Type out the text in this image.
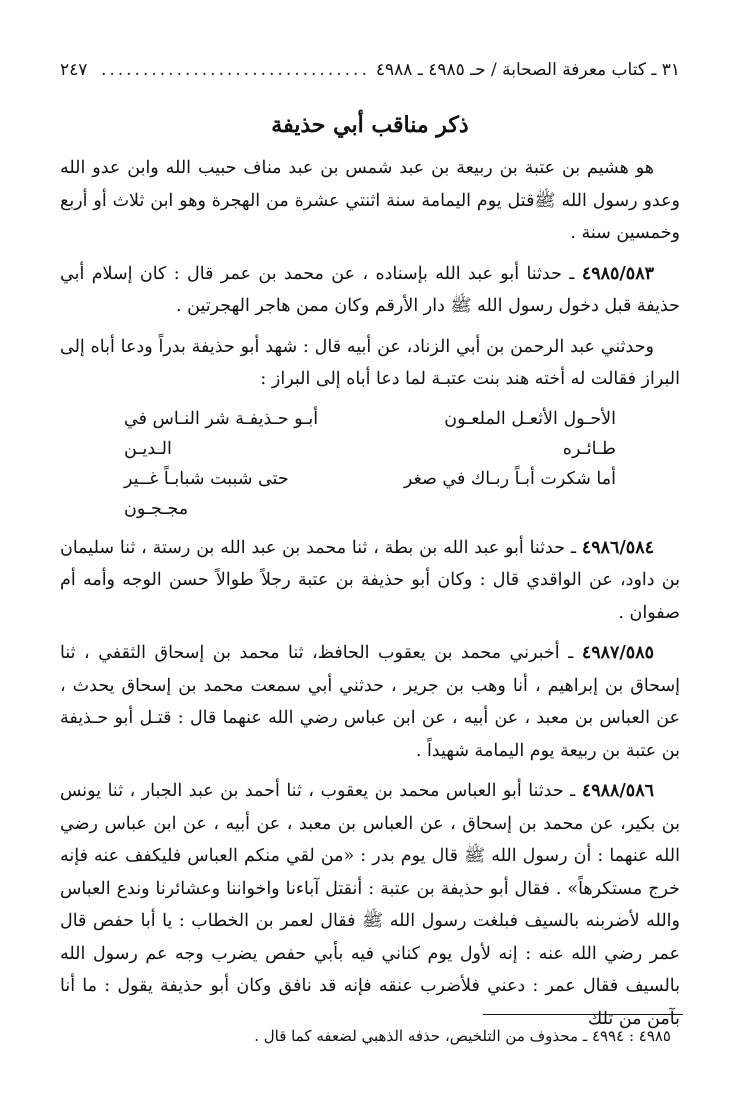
٣١ ـ كتاب معرفة الصحابة / حـ ٤٩٨٥ ـ ٤٩٨٨
................................
٢٤٧
ذكر مناقب أبي حذيفة

هو هشيم بن عتبة بن ربيعة بن عبد شمس بن عبد مناف حبيب الله وابن عدو الله وعدو رسول الله ﷺقتل يوم اليمامة سنة اثنتي عشرة من الهجرة وهو ابن ثلاث أو أربع وخمسين سنة .

٤٩٨٥/٥٨٣ ـ حدثنا أبو عبد الله بإسناده ، عن محمد بن عمر قال : كان إسلام أبي حذيفة قبل دخول رسول الله ﷺ دار الأرقم وكان ممن هاجر الهجرتين .

وحدثني عبد الرحمن بن أبي الزناد، عن أبيه قال : شهد أبو حذيفة بدراً ودعا أباه إلى البراز فقالت له أخته هند بنت عتبـة لما دعا أباه إلى البراز :

الأحـول الأثعـل الملعـون طـائـره
أبـو حـذيفـة شر النـاس في الـديـن
أما شكرت أبـاً ربـاك في صغر
حتى شببت شبابـاً غــير مجـجـون

٤٩٨٦/٥٨٤ ـ حدثنا أبو عبد الله بن بطة ، ثنا محمد بن عبد الله بن رستة ، ثنا سليمان بن داود، عن الواقدي قال : وكان أبو حذيفة بن عتبة رجلاً طوالاً حسن الوجه وأمه أم صفوان .

٤٩٨٧/٥٨٥ ـ أخبرني محمد بن يعقوب الحافظ، ثنا محمد بن إسحاق الثقفي ، ثنا إسحاق بن إبراهيم ، أنا وهب بن جرير ، حدثني أبي سمعت محمد بن إسحاق يحدث ، عن العباس بن معبد ، عن أبيه ، عن ابن عباس رضي الله عنهما قال : قتـل أبو حـذيفة بن عتبة بن ربيعة يوم اليمامة شهيداً .

٤٩٨٨/٥٨٦ ـ حدثنا أبو العباس محمد بن يعقوب ، ثنا أحمد بن عبد الجبار ، ثنا يونس بن بكير، عن محمد بن إسحاق ، عن العباس بن معبد ، عن أبيه ، عن ابن عباس رضي الله عنهما : أن رسول الله ﷺ قال يوم بدر : «من لقي منكم العباس فليكفف عنه فإنه خرج مستكرهاً» . فقال أبو حذيفة بن عتبة : أنقتل آباءنا واخواننا وعشائرنا وندع العباس والله لأضربنه بالسيف فبلغت رسول الله ﷺ فقال لعمر بن الخطاب : يا أبا حفص قال عمر رضي الله عنه : إنه لأول يوم كناني فيه بأبي حفص يضرب وجه عم رسول الله بالسيف فقال عمر : دعني فلأضرب عنقه فإنه قد نافق وكان أبو حذيفة يقول : ما أنا بآمن من تلك

٤٩٨٥ : ٤٩٩٤ ـ محذوف من التلخيص، حذفه الذهبي لضعفه كما قال .
